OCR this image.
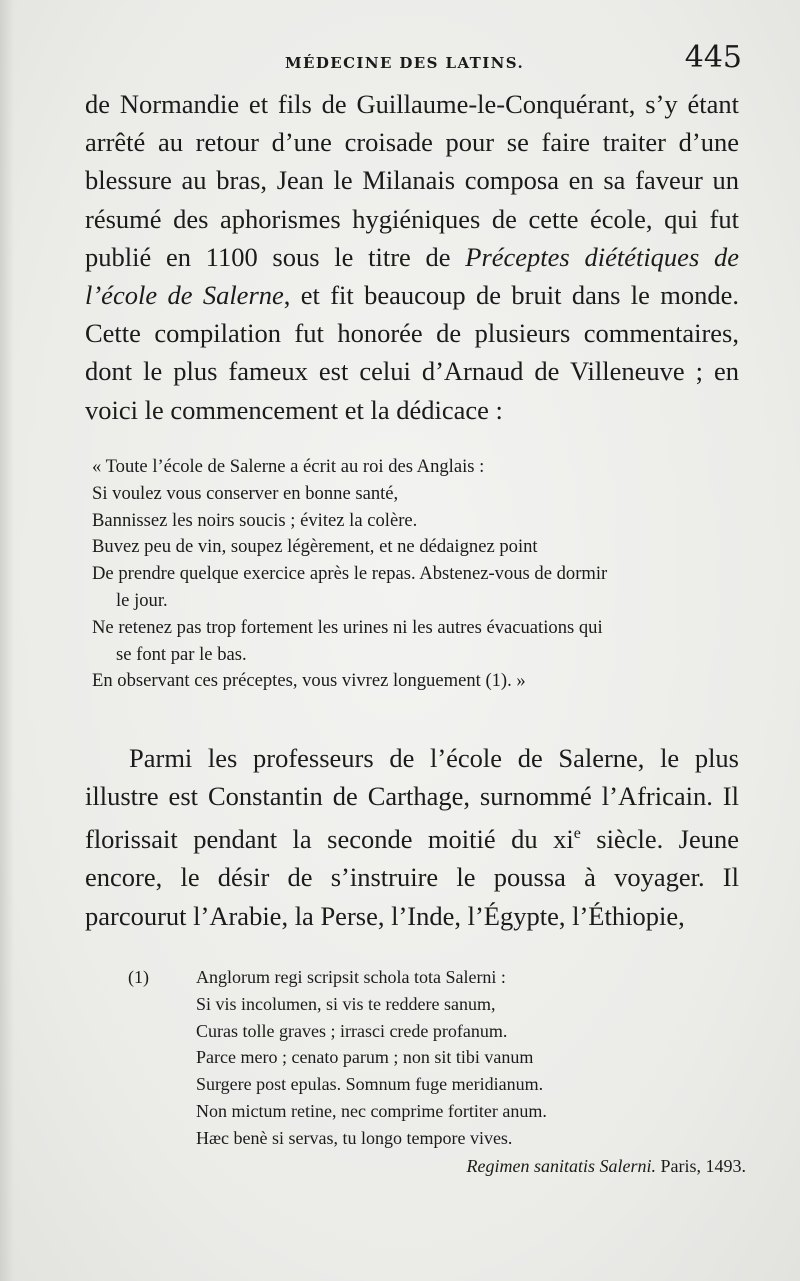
MÉDECINE DES LATINS.	445

de Normandie et fils de Guillaume-le-Conquérant, s’y étant arrêté au retour d’une croisade pour se faire traiter d’une blessure au bras, Jean le Milanais composa en sa faveur un résumé des aphorismes hygiéniques de cette école, qui fut publié en 1100 sous le titre de Préceptes diététiques de l’école de Salerne, et fit beaucoup de bruit dans le monde. Cette compilation fut honorée de plusieurs commentaires, dont le plus fameux est celui d’Arnaud de Villeneuve ; en voici le commencement et la dédicace :

« Toute l’école de Salerne a écrit au roi des Anglais :
Si voulez vous conserver en bonne santé,
Bannissez les noirs soucis ; évitez la colère.
Buvez peu de vin, soupez légèrement, et ne dédaignez point
De prendre quelque exercice après le repas. Abstenez-vous de dormir
le jour.
Ne retenez pas trop fortement les urines ni les autres évacuations qui
se font par le bas.
En observant ces préceptes, vous vivrez longuement (1). »

Parmi les professeurs de l’école de Salerne, le plus illustre est Constantin de Carthage, surnommé l’Africain. Il florissait pendant la seconde moitié du $xi^e$ siècle. Jeune encore, le désir de s’instruire le poussa à voyager. Il parcourut l’Arabie, la Perse, l’Inde, l’Égypte, l’Éthiopie,

(1)	Anglorum regi scripsit schola tota Salerni :
Si vis incolumen, si vis te reddere sanum,
Curas tolle graves ; irrasci crede profanum.
Parce mero ; cenato parum ; non sit tibi vanum
Surgere post epulas. Somnum fuge meridianum.
Non mictum retine, nec comprime fortiter anum.
Hæc benè si servas, tu longo tempore vives.
Regimen sanitatis Salerni. Paris, 1493.
